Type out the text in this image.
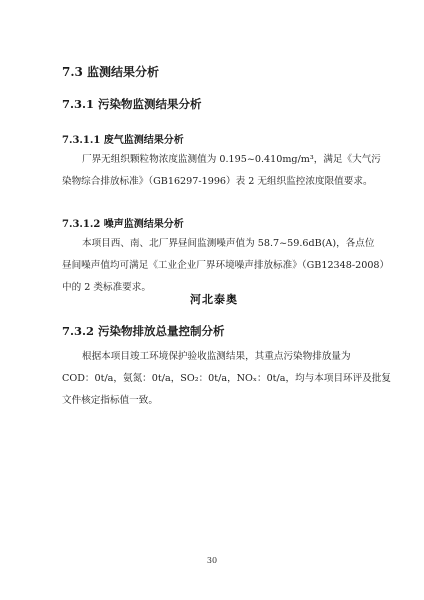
7.3 监测结果分析
7.3.1 污染物监测结果分析
7.3.1.1 废气监测结果分析
厂界无组织颗粒物浓度监测值为 0.195~0.410mg/m³，满足《大气污
染物综合排放标准》（GB16297-1996）表 2 无组织监控浓度限值要求。
7.3.1.2 噪声监测结果分析
本项目西、南、北厂界昼间监测噪声值为 58.7~59.6dB(A)，各点位
昼间噪声值均可满足《工业企业厂界环境噪声排放标准》（GB12348-2008）
中的 2 类标准要求。
河北泰奥
7.3.2 污染物排放总量控制分析
根据本项目竣工环境保护验收监测结果，其重点污染物排放量为
COD：0t/a，氨氮：0t/a，SO₂：0t/a，NOₓ：0t/a，均与本项目环评及批复
文件核定指标值一致。
30
